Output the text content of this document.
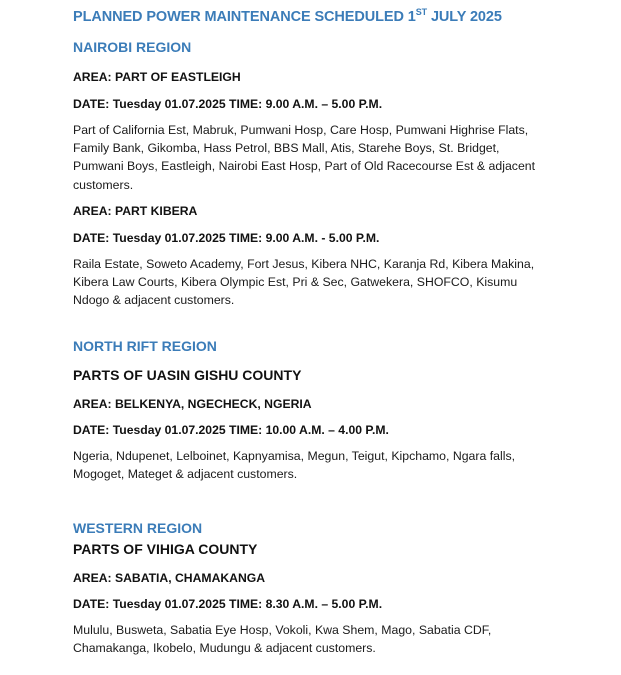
PLANNED POWER MAINTENANCE SCHEDULED 1ST JULY 2025
NAIROBI REGION
AREA: PART OF EASTLEIGH
DATE: Tuesday 01.07.2025 TIME: 9.00 A.M. – 5.00 P.M.
Part of California Est, Mabruk, Pumwani Hosp, Care Hosp, Pumwani Highrise Flats, Family Bank, Gikomba, Hass Petrol, BBS Mall, Atis, Starehe Boys, St. Bridget, Pumwani Boys, Eastleigh, Nairobi East Hosp, Part of Old Racecourse Est & adjacent customers.
AREA: PART KIBERA
DATE: Tuesday 01.07.2025 TIME: 9.00 A.M. - 5.00 P.M.
Raila Estate, Soweto Academy, Fort Jesus, Kibera NHC, Karanja Rd, Kibera Makina, Kibera Law Courts, Kibera Olympic Est, Pri & Sec, Gatwekera, SHOFCO, Kisumu Ndogo & adjacent customers.
NORTH RIFT REGION
PARTS OF UASIN GISHU COUNTY
AREA: BELKENYA, NGECHECK, NGERIA
DATE: Tuesday 01.07.2025 TIME: 10.00 A.M. – 4.00 P.M.
Ngeria, Ndupenet, Lelboinet, Kapnyamisa, Megun, Teigut, Kipchamo, Ngara falls, Mogoget, Mateget & adjacent customers.
WESTERN REGION
PARTS OF VIHIGA COUNTY
AREA: SABATIA, CHAMAKANGA
DATE: Tuesday 01.07.2025 TIME: 8.30 A.M. – 5.00 P.M.
Mululu, Busweta, Sabatia Eye Hosp, Vokoli, Kwa Shem, Mago, Sabatia CDF, Chamakanga, Ikobelo, Mudungu & adjacent customers.
